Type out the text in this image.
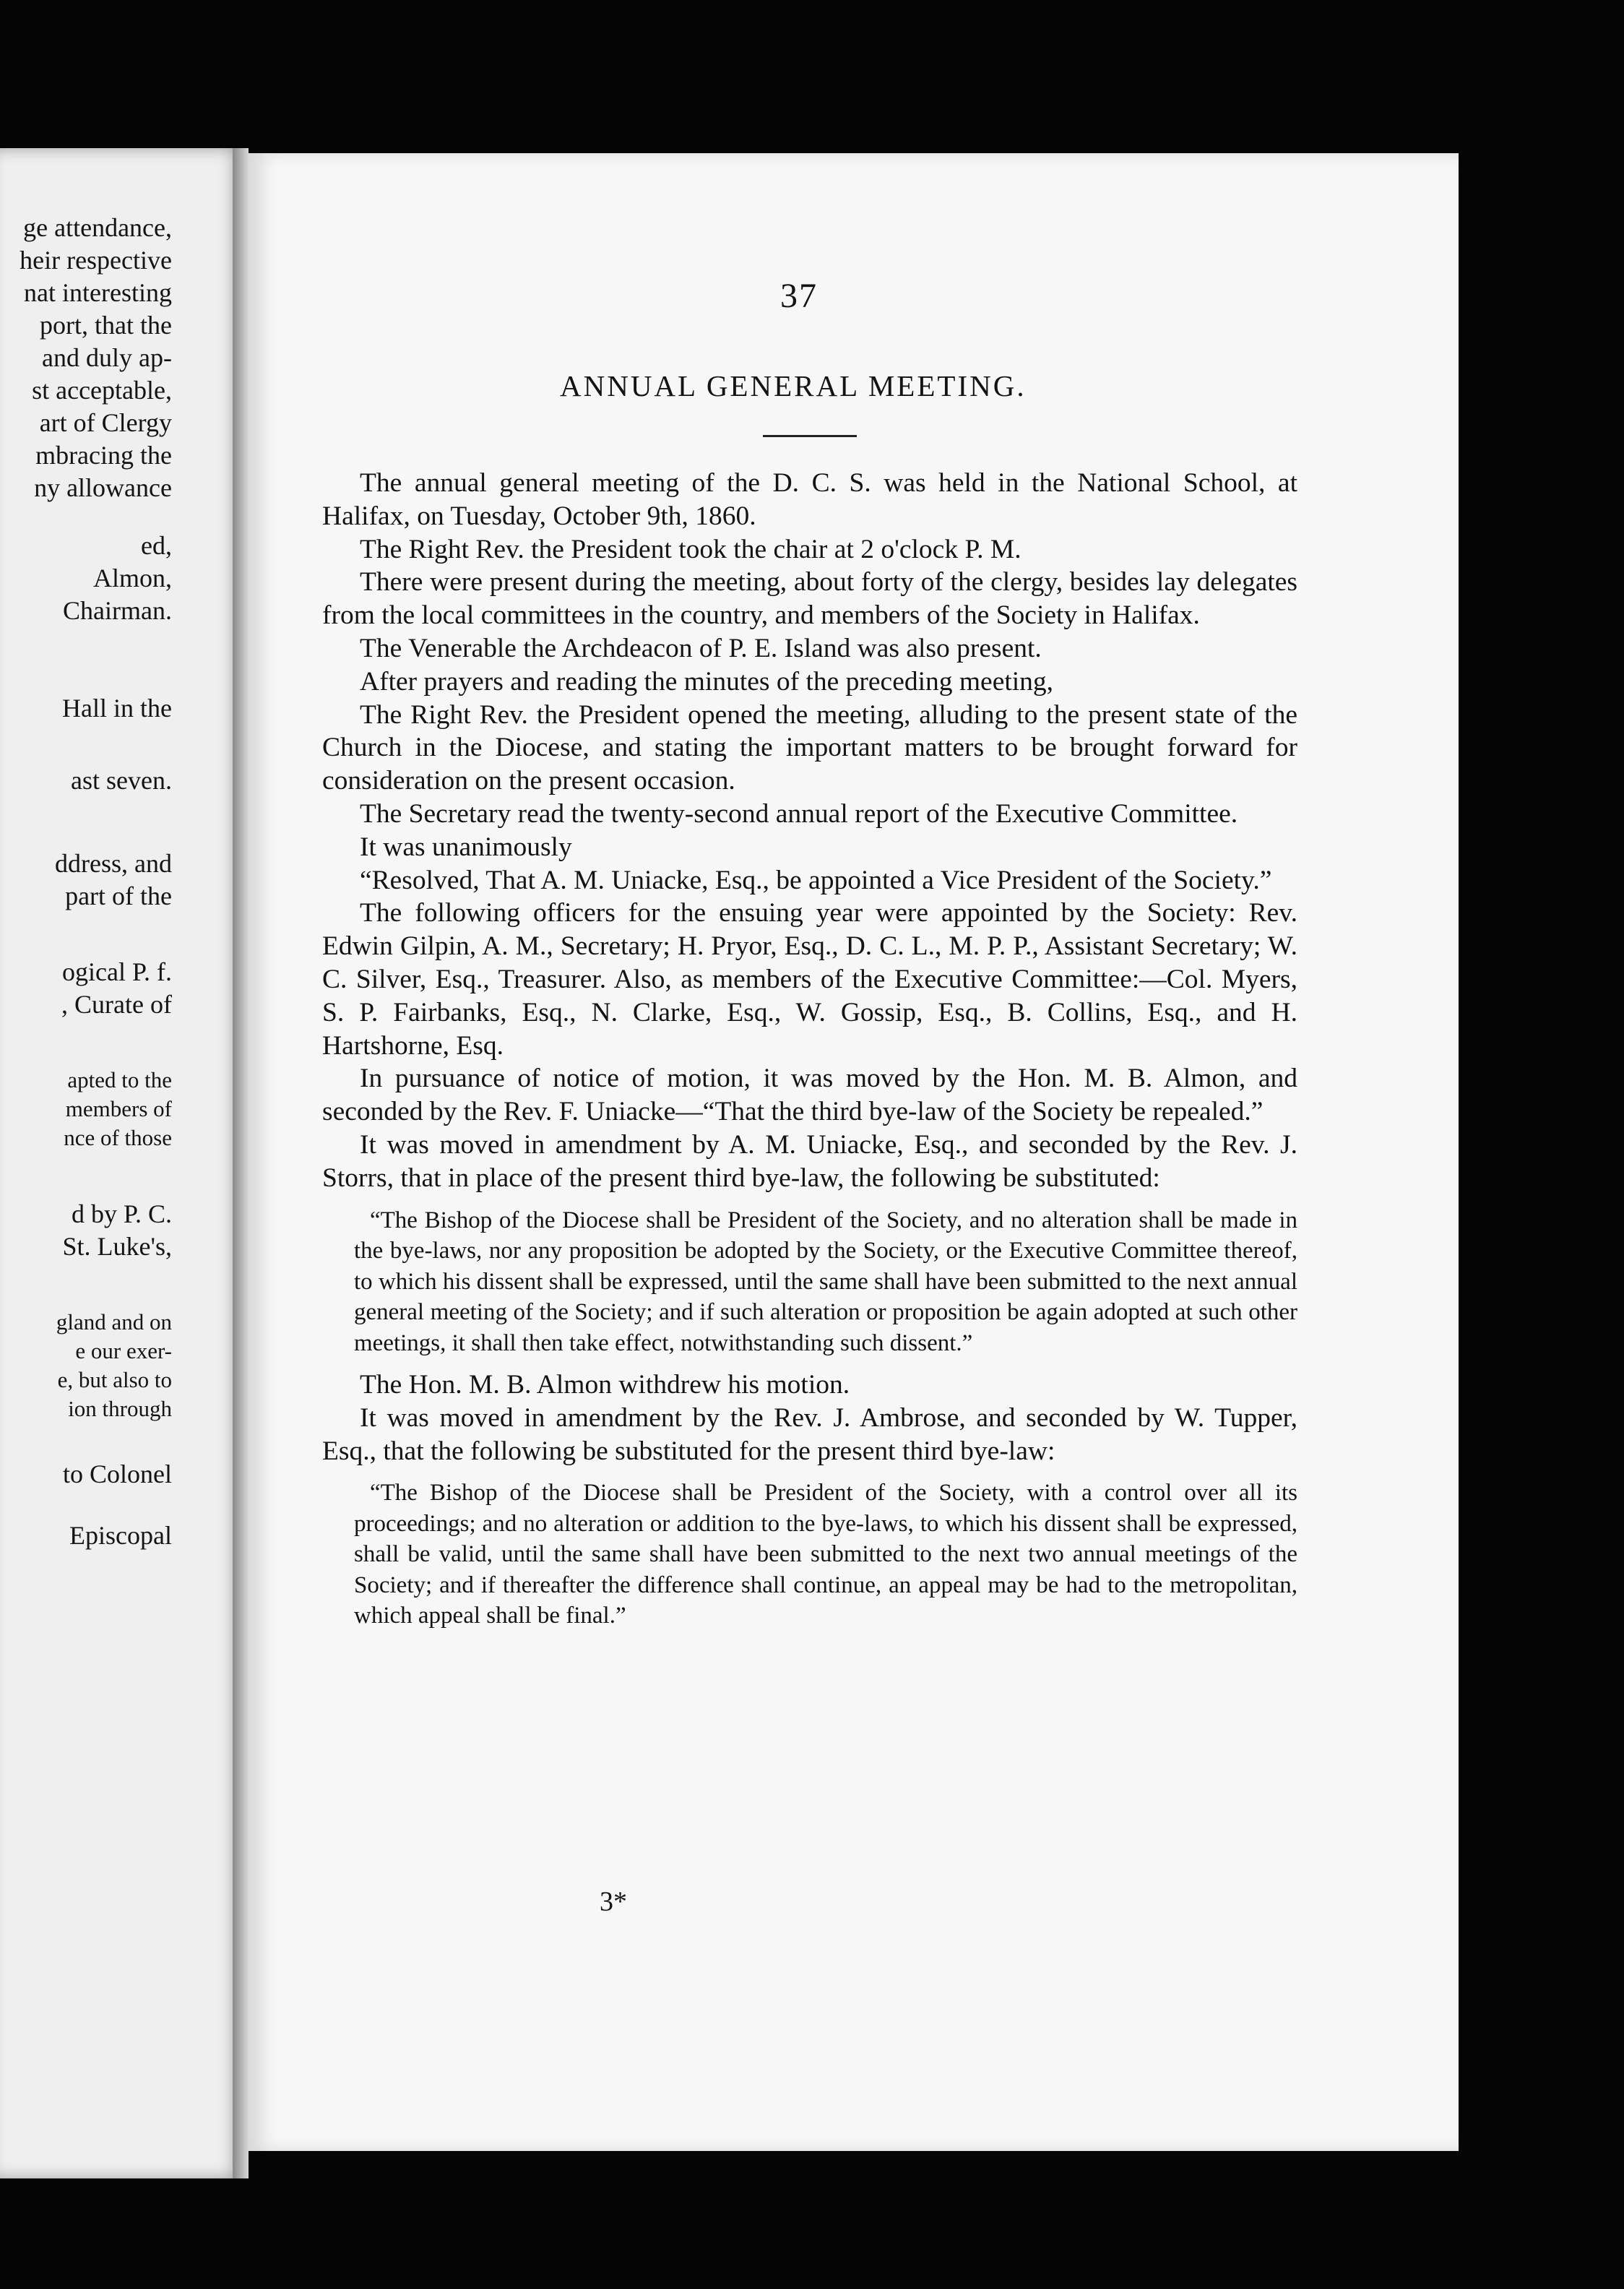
ge attendance,
heir respective
nat interesting
port, that the
and duly ap-
st acceptable,
art of Clergy
mbracing the
ny allowance
ed,
Almon,
Chairman.
Hall in the
ast seven.
ddress, and
part of the
ogical P. f.
, Curate of
apted to the
members of
nce of those
d by P. C.
St. Luke's,
gland and on
e our exer-
e, but also to
ion through
to Colonel
Episcopal
37
ANNUAL GENERAL MEETING.

The annual general meeting of the D. C. S. was held in the National School, at Halifax, on Tuesday, October 9th, 1860.

The Right Rev. the President took the chair at 2 o'clock P. M.

There were present during the meeting, about forty of the clergy, besides lay delegates from the local committees in the country, and members of the Society in Halifax.

The Venerable the Archdeacon of P. E. Island was also present.

After prayers and reading the minutes of the preceding meeting,

The Right Rev. the President opened the meeting, alluding to the present state of the Church in the Diocese, and stating the important matters to be brought forward for consideration on the present occasion.

The Secretary read the twenty-second annual report of the Executive Committee.

It was unanimously

“Resolved, That A. M. Uniacke, Esq., be appointed a Vice President of the Society.”

The following officers for the ensuing year were appointed by the Society: Rev. Edwin Gilpin, A. M., Secretary; H. Pryor, Esq., D. C. L., M. P. P., Assistant Secretary; W. C. Silver, Esq., Treasurer. Also, as members of the Executive Committee:—Col. Myers, S. P. Fairbanks, Esq., N. Clarke, Esq., W. Gossip, Esq., B. Collins, Esq., and H. Hartshorne, Esq.

In pursuance of notice of motion, it was moved by the Hon. M. B. Almon, and seconded by the Rev. F. Uniacke—“That the third bye-law of the Society be repealed.”

It was moved in amendment by A. M. Uniacke, Esq., and seconded by the Rev. J. Storrs, that in place of the present third bye-law, the following be substituted:

“The Bishop of the Diocese shall be President of the Society, and no alteration shall be made in the bye-laws, nor any proposition be adopted by the Society, or the Executive Committee thereof, to which his dissent shall be expressed, until the same shall have been submitted to the next annual general meeting of the Society; and if such alteration or proposition be again adopted at such other meetings, it shall then take effect, notwithstanding such dissent.”

The Hon. M. B. Almon withdrew his motion.

It was moved in amendment by the Rev. J. Ambrose, and seconded by W. Tupper, Esq., that the following be substituted for the present third bye-law:

“The Bishop of the Diocese shall be President of the Society, with a control over all its proceedings; and no alteration or addition to the bye-laws, to which his dissent shall be expressed, shall be valid, until the same shall have been submitted to the next two annual meetings of the Society; and if thereafter the difference shall continue, an appeal may be had to the metropolitan, which appeal shall be final.”

3*
